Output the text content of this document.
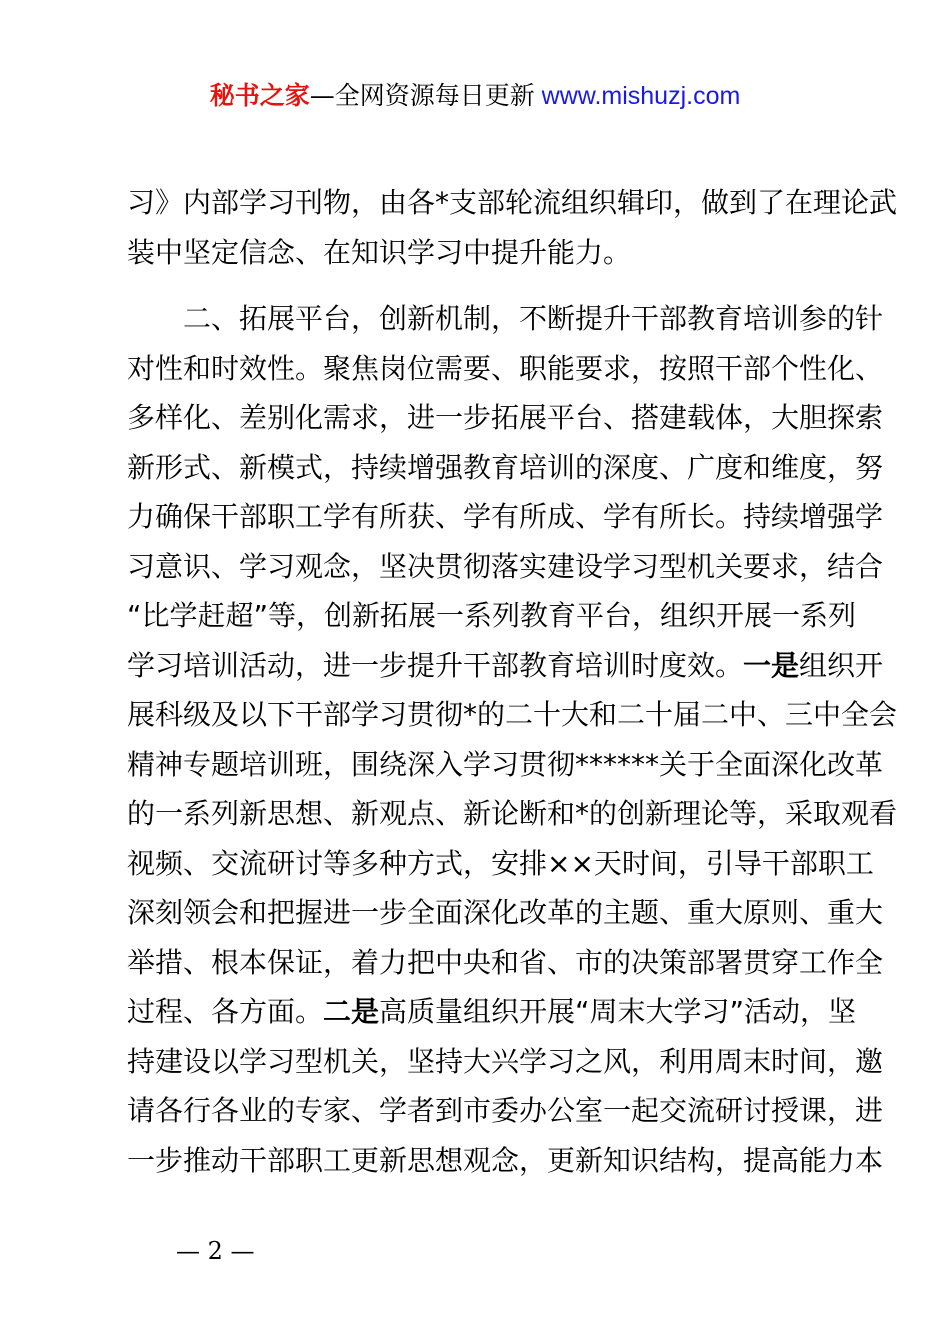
秘书之家—全网资源每日更新 www.mishuzj.com
习》内部学习刊物，由各*支部轮流组织辑印，做到了在理论武
装中坚定信念、在知识学习中提升能力。
二、拓展平台，创新机制，不断提升干部教育培训参的针
对性和时效性。聚焦岗位需要、职能要求，按照干部个性化、
多样化、差别化需求，进一步拓展平台、搭建载体，大胆探索
新形式、新模式，持续增强教育培训的深度、广度和维度，努
力确保干部职工学有所获、学有所成、学有所长。持续增强学
习意识、学习观念，坚决贯彻落实建设学习型机关要求，结合
“比学赶超”等，创新拓展一系列教育平台，组织开展一系列
学习培训活动，进一步提升干部教育培训时度效。一是组织开
展科级及以下干部学习贯彻*的二十大和二十届二中、三中全会
精神专题培训班，围绕深入学习贯彻******关于全面深化改革
的一系列新思想、新观点、新论断和*的创新理论等，采取观看
视频、交流研讨等多种方式，安排××天时间，引导干部职工
深刻领会和把握进一步全面深化改革的主题、重大原则、重大
举措、根本保证，着力把中央和省、市的决策部署贯穿工作全
过程、各方面。二是高质量组织开展“周末大学习”活动，坚
持建设以学习型机关，坚持大兴学习之风，利用周末时间，邀
请各行各业的专家、学者到市委办公室一起交流研讨授课，进
一步推动干部职工更新思想观念，更新知识结构，提高能力本
— 2 —
